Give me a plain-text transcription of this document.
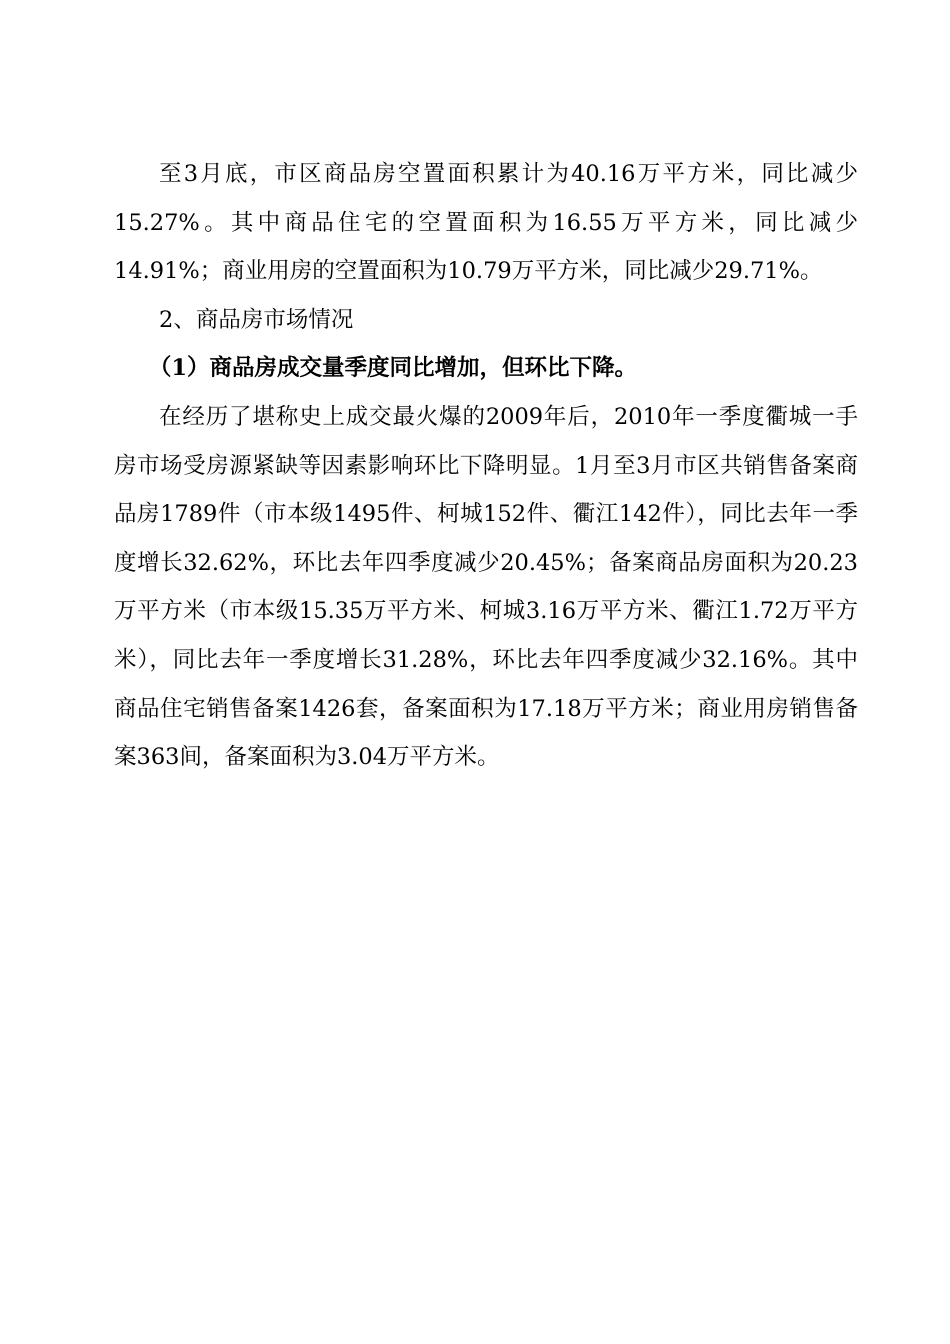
至3月底，市区商品房空置面积累计为40.16万平方米，同比减少15.27%。其中商品住宅的空置面积为16.55万平方米，同比减少14.91%；商业用房的空置面积为10.79万平方米，同比减少29.71%。

2、商品房市场情况

（1）商品房成交量季度同比增加，但环比下降。

在经历了堪称史上成交最火爆的2009年后，2010年一季度衢城一手房市场受房源紧缺等因素影响环比下降明显。1月至3月市区共销售备案商品房1789件（市本级1495件、柯城152件、衢江142件），同比去年一季度增长32.62%，环比去年四季度减少20.45%；备案商品房面积为20.23万平方米（市本级15.35万平方米、柯城3.16万平方米、衢江1.72万平方米），同比去年一季度增长31.28%，环比去年四季度减少32.16%。其中商品住宅销售备案1426套，备案面积为17.18万平方米；商业用房销售备案363间，备案面积为3.04万平方米。
